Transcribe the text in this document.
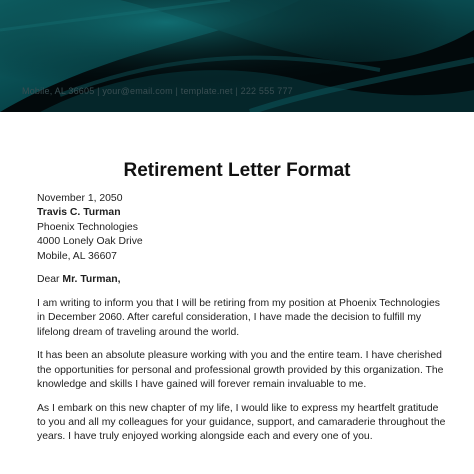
Mobile, AL 36605 | your@email.com | template.net | 222 555 777
Retirement Letter Format
November 1, 2050
Travis C. Turman
Phoenix Technologies
4000 Lonely Oak Drive
Mobile, AL 36607
Dear Mr. Turman,

I am writing to inform you that I will be retiring from my position at Phoenix Technologies in December 2060. After careful consideration, I have made the decision to fulfill my lifelong dream of traveling around the world.

It has been an absolute pleasure working with you and the entire team. I have cherished the opportunities for personal and professional growth provided by this organization. The knowledge and skills I have gained will forever remain invaluable to me.

As I embark on this new chapter of my life, I would like to express my heartfelt gratitude to you and all my colleagues for your guidance, support, and camaraderie throughout the years. I have truly enjoyed working alongside each and every one of you.
